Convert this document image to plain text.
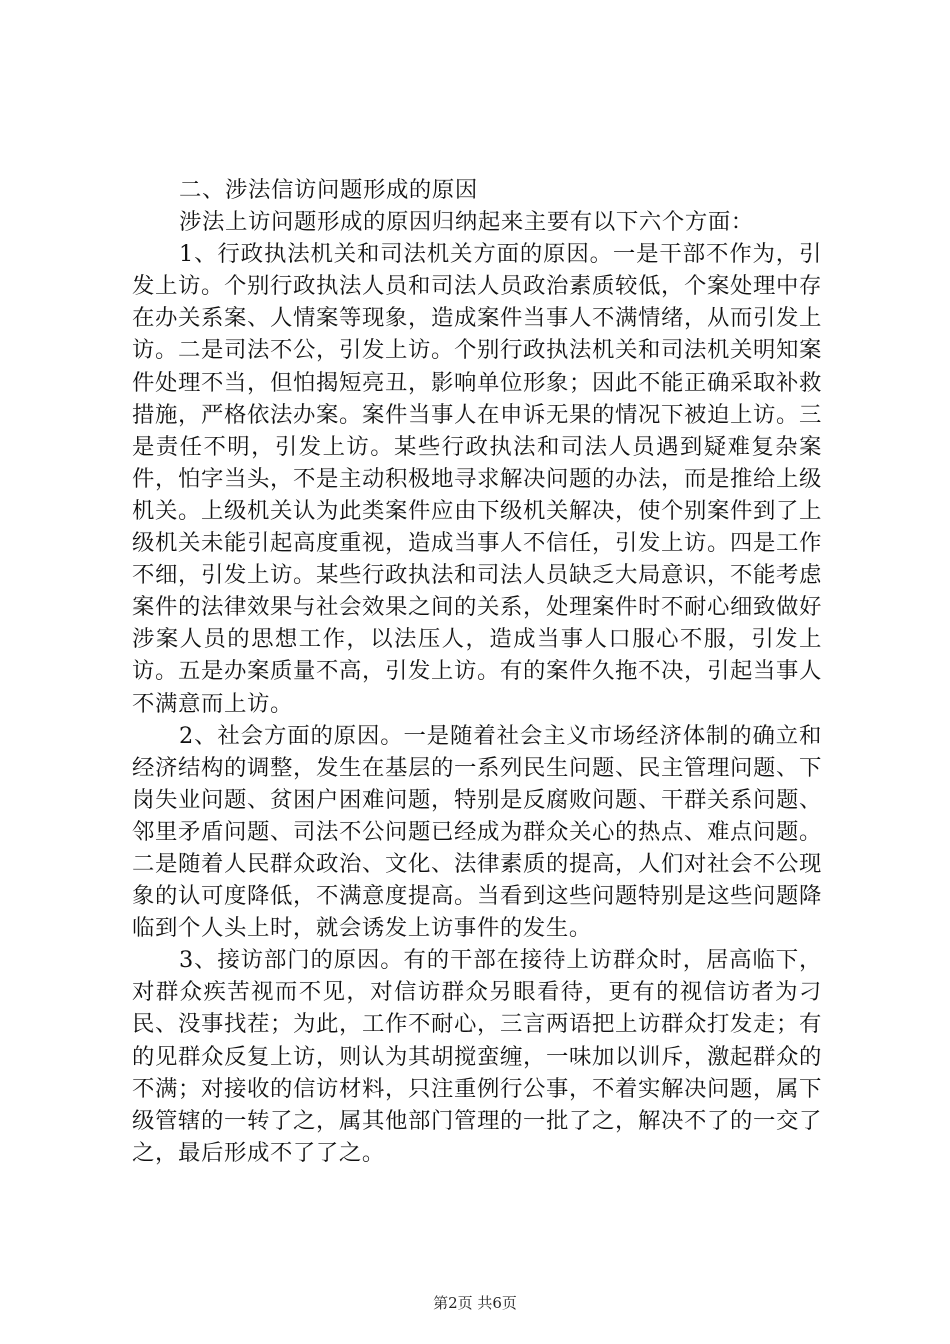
二、涉法信访问题形成的原因

涉法上访问题形成的原因归纳起来主要有以下六个方面：

1、行政执法机关和司法机关方面的原因。一是干部不作为，引发上访。个别行政执法人员和司法人员政治素质较低，个案处理中存在办关系案、人情案等现象，造成案件当事人不满情绪，从而引发上访。二是司法不公，引发上访。个别行政执法机关和司法机关明知案件处理不当，但怕揭短亮丑，影响单位形象；因此不能正确采取补救措施，严格依法办案。案件当事人在申诉无果的情况下被迫上访。三是责任不明，引发上访。某些行政执法和司法人员遇到疑难复杂案件，怕字当头，不是主动积极地寻求解决问题的办法，而是推给上级机关。上级机关认为此类案件应由下级机关解决，使个别案件到了上级机关未能引起高度重视，造成当事人不信任，引发上访。四是工作不细，引发上访。某些行政执法和司法人员缺乏大局意识，不能考虑案件的法律效果与社会效果之间的关系，处理案件时不耐心细致做好涉案人员的思想工作，以法压人，造成当事人口服心不服，引发上访。五是办案质量不高，引发上访。有的案件久拖不决，引起当事人不满意而上访。

2、社会方面的原因。一是随着社会主义市场经济体制的确立和经济结构的调整，发生在基层的一系列民生问题、民主管理问题、下岗失业问题、贫困户困难问题，特别是反腐败问题、干群关系问题、邻里矛盾问题、司法不公问题已经成为群众关心的热点、难点问题。二是随着人民群众政治、文化、法律素质的提高，人们对社会不公现象的认可度降低，不满意度提高。当看到这些问题特别是这些问题降临到个人头上时，就会诱发上访事件的发生。

3、接访部门的原因。有的干部在接待上访群众时，居高临下，对群众疾苦视而不见，对信访群众另眼看待，更有的视信访者为刁民、没事找茬；为此，工作不耐心，三言两语把上访群众打发走；有的见群众反复上访，则认为其胡搅蛮缠，一味加以训斥，激起群众的不满；对接收的信访材料，只注重例行公事，不着实解决问题，属下级管辖的一转了之，属其他部门管理的一批了之，解决不了的一交了之，最后形成不了了之。

第2页 共6页
